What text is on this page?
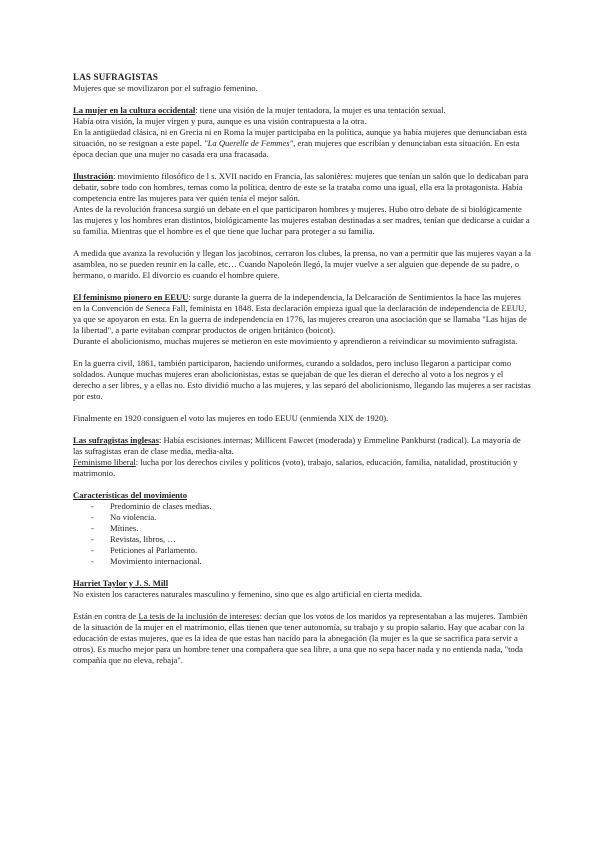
LAS SUFRAGISTAS

Mujeres que se movilizaron por el sufragio femenino.

La mujer en la cultura occidental: tiene una visión de la mujer tentadora, la mujer es una tentación sexual.

Había otra visión, la mujer virgen y pura, aunque es una visión contrapuesta a la otra.

En la antigüedad clásica, ni en Grecia ni en Roma la mujer participaba en la política, aunque ya había mujeres que denunciaban esta situación, no se resignan a este papel. "La Querelle de Femmes", eran mujeres que escribían y denunciaban esta situación. En esta época decían que una mujer no casada era una fracasada.

Ilustración: movimiento filosófico de l s. XVII nacido en Francia, las salonières: mujeres que tenían un salón que lo dedicaban para debatir, sobre todo con hombres, temas como la política, dentro de este se la trataba como una igual, ella era la protagonista. Había competencia entre las mujeres para ver quién tenía el mejor salón.

Antes de la revolución francesa surgió un debate en el que participaron hombres y mujeres. Hubo otro debate de si biológicamente las mujeres y los hombres eran distintos, biológicamente las mujeres estaban destinadas a ser madres, tenían que dedicarse a cuidar a su familia. Mientras que el hombre es el que tiene que luchar para proteger a su familia.

A medida que avanza la revolución y llegan los jacobinos, cerraron los clubes, la prensa, no van a permitir que las mujeres vayan a la asamblea, no se pueden reunir en la calle, etc… Cuando Napoleón llegó, la mujer vuelve a ser alguien que depende de su padre, o hermano, o marido. El divorcio es cuando el hombre quiere.

El feminismo pionero en EEUU: surge durante la guerra de la independencia, la Delcaración de Sentimientos la hace las mujeres en la Convención de Seneca Fall, feminista en 1848. Esta declaración empieza igual que la declaración de independencia de EEUU, ya que se apoyaron en esta. En la guerra de independencia en 1776, las mujeres crearon una asociación que se llamaba "Las hijas de la libertad", a parte evitaban comprar productos de origen británico (boicot).

Durante el abolicionismo, muchas mujeres se metieron en este movimiento y aprendieron a reivindicar su movimiento sufragista.

En la guerra civil, 1861, también participaron, haciendo uniformes, curando a soldados, pero incluso llegaron a participar como soldados. Aunque muchas mujeres eran abolicionistas, estas se quejaban de que les dieran el derecho al voto a los negros y el derecho a ser libres, y a ellas no. Esto dividió mucho a las mujeres, y las separó del abolicionismo, llegando las mujeres a ser racistas por esto.

Finalmente en 1920 consiguen el voto las mujeres en todo EEUU (enmienda XIX de 1920).

Las sufragistas inglesas: Había escisiones internas; Millicent Fawcet (moderada) y Emmeline Pankhurst (radical). La mayoría de las sufragistas eran de clase media, media-alta.

Feminismo liberal: lucha por los derechos civiles y políticos (voto), trabajo, salarios, educación, familia, natalidad, prostitución y matrimonio.

Características del movimiento

- Predominio de clases medias.
- No violencia.
- Mítines.
- Revistas, libros, …
- Peticiones al Parlamento.
- Movimiento internacional.

Harriet Taylor y J. S. Mill

No existen los caracteres naturales masculino y femenino, sino que es algo artificial en cierta medida.

Están en contra de La tesis de la inclusión de intereses: decían que los votos de los maridos ya representaban a las mujeres. También de la situación de la mujer en el matrimonio, ellas tienen que tener autonomía, su trabajo y su propio salario. Hay que acabar con la educación de estas mujeres, que es la idea de que estas han nacido para la abnegación (la mujer es la que se sacrifica para servir a otros). Es mucho mejor para un hombre tener una compañera que sea libre, a una que no sepa hacer nada y no entienda nada, "toda compañía que no eleva, rebaja".
